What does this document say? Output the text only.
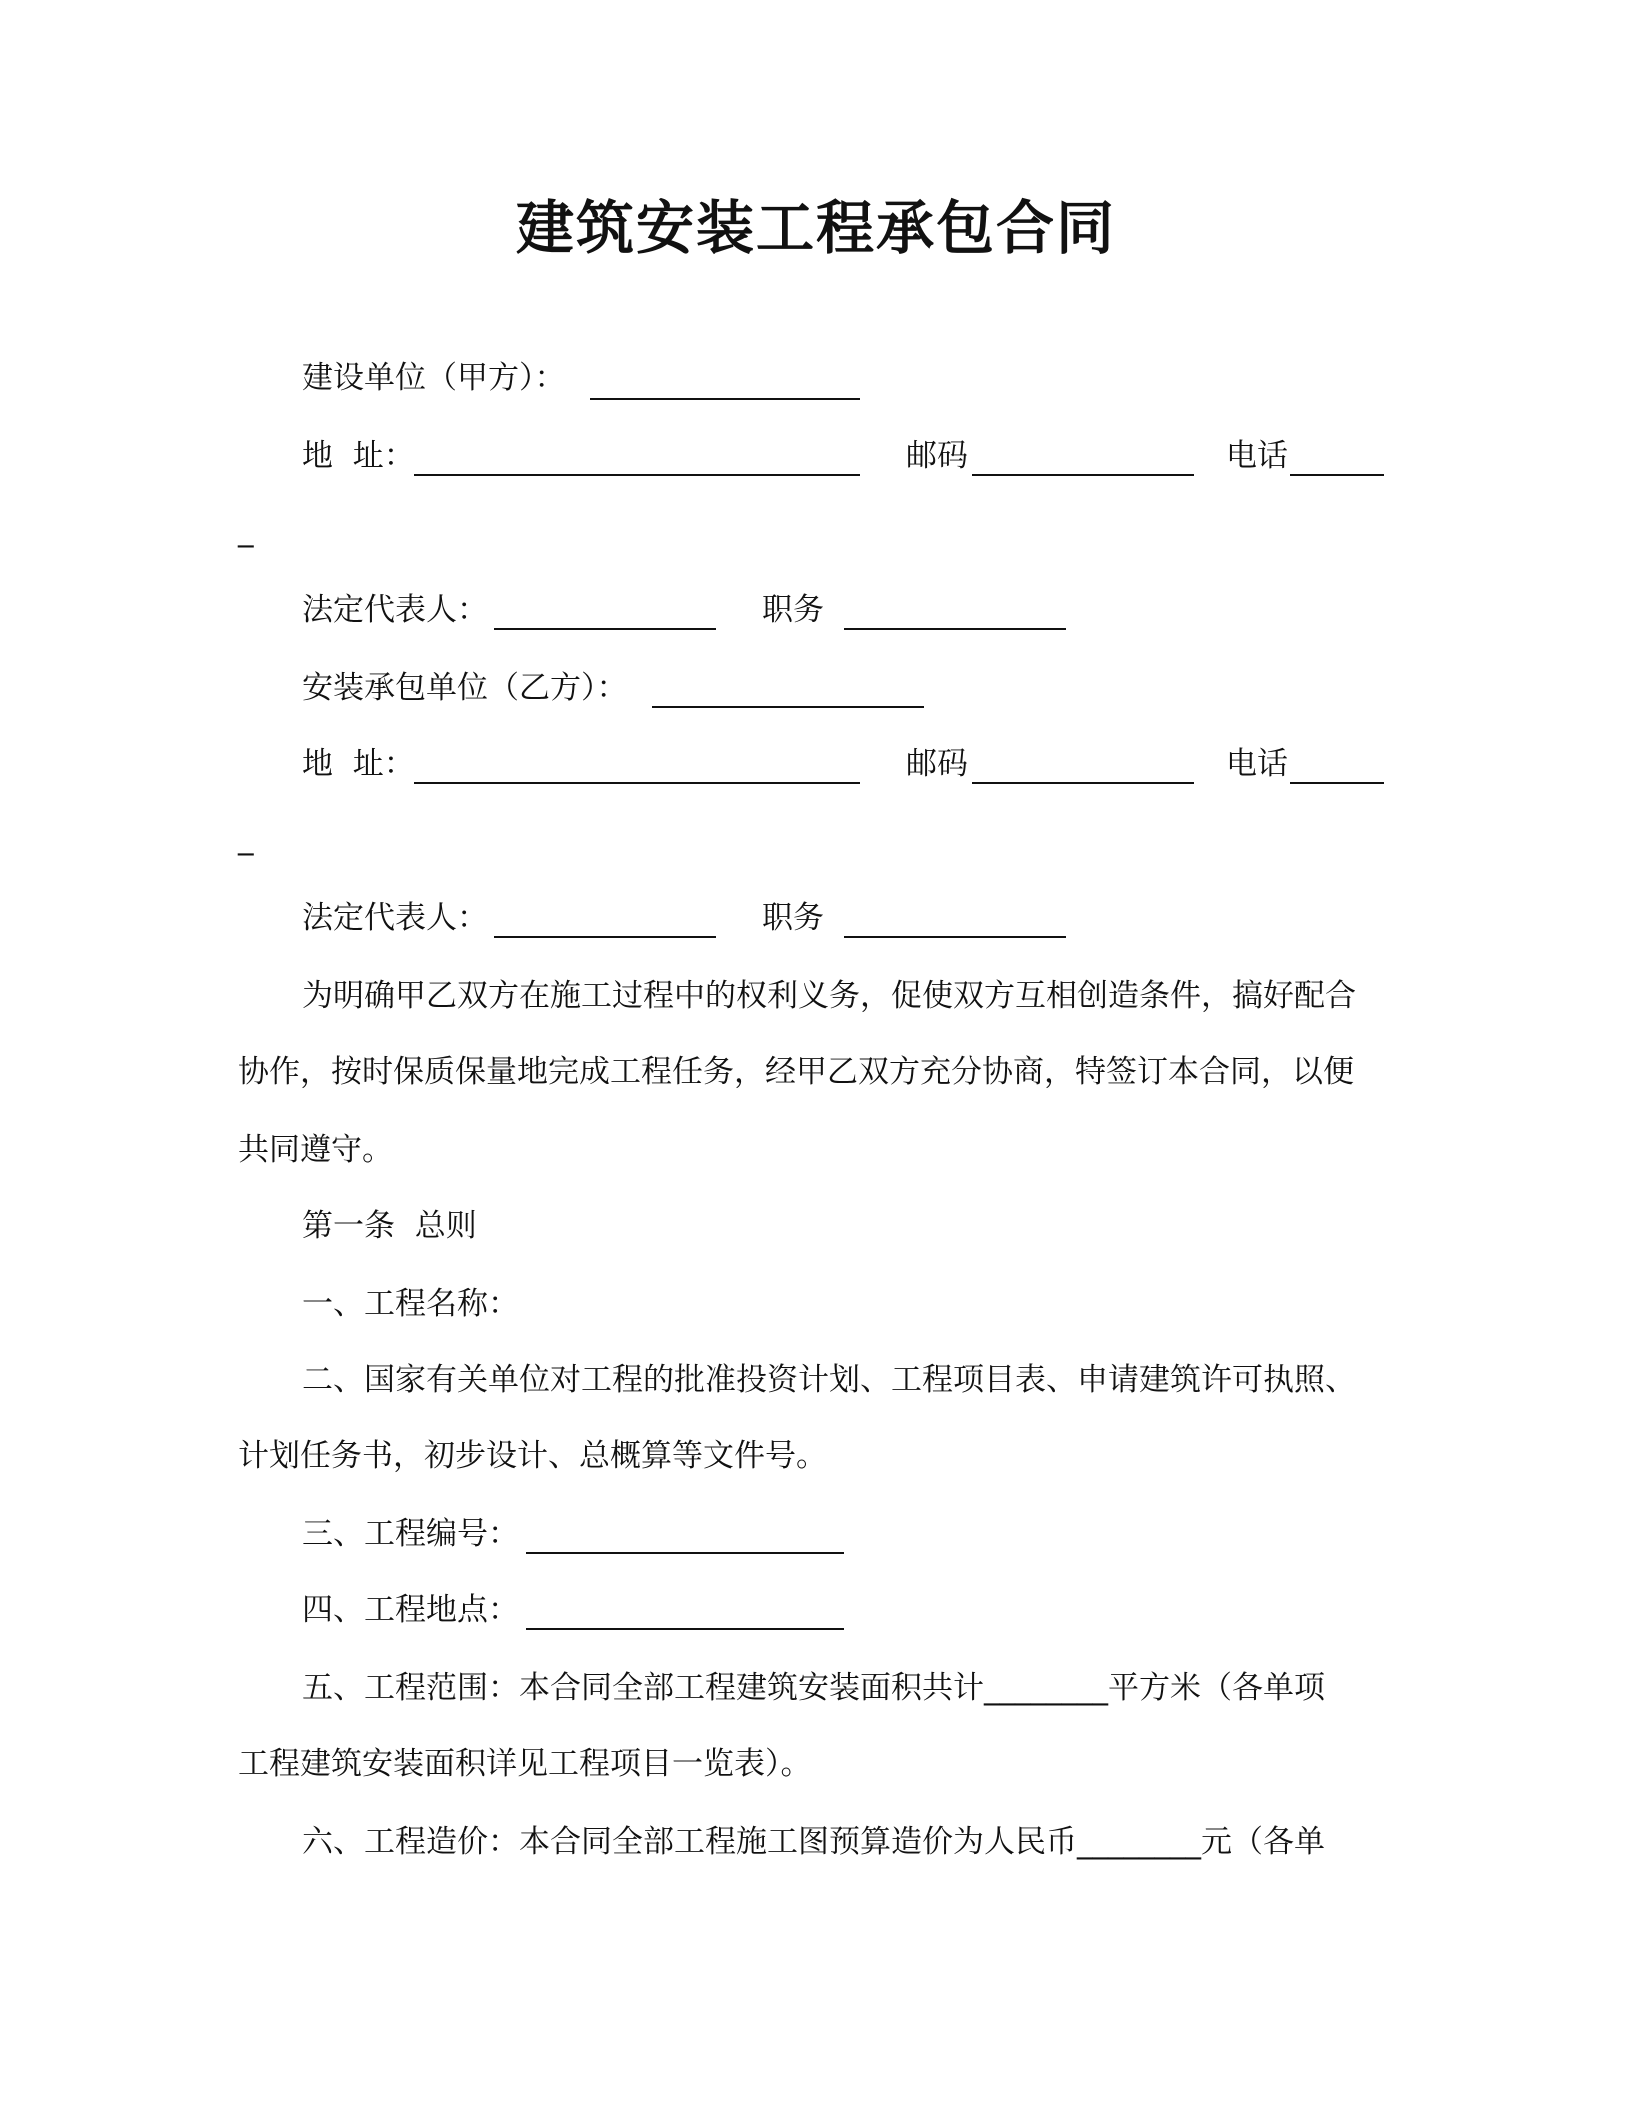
建筑安装工程承包合同
建设单位（甲方）：
地  址：	邮码	电话
_
法定代表人：	职务
安装承包单位（乙方）：
地  址：	邮码	电话
_
法定代表人：	职务
为明确甲乙双方在施工过程中的权利义务，促使双方互相创造条件，搞好配合
协作，按时保质保量地完成工程任务，经甲乙双方充分协商，特签订本合同，以便
共同遵守。
第一条  总则
一、工程名称：
二、国家有关单位对工程的批准投资计划、工程项目表、申请建筑许可执照、
计划任务书，初步设计、总概算等文件号。
三、工程编号：
四、工程地点：
五、工程范围：本合同全部工程建筑安装面积共计________平方米（各单项
工程建筑安装面积详见工程项目一览表）。
六、工程造价：本合同全部工程施工图预算造价为人民币________元（各单
